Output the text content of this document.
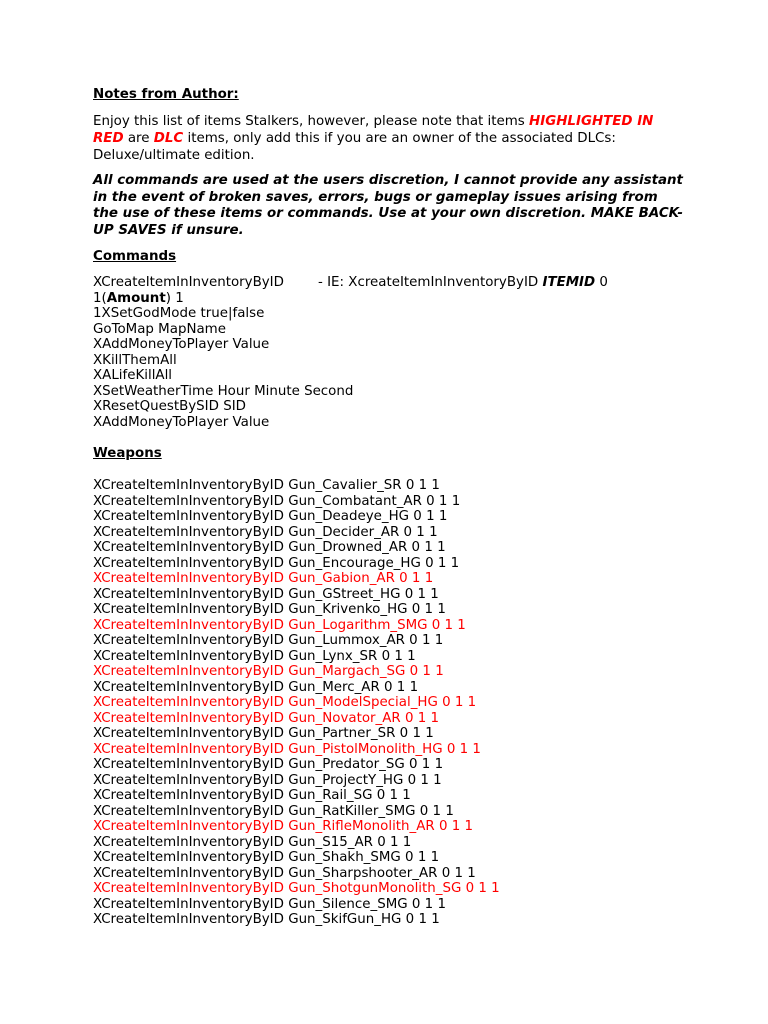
Notes from Author:

Enjoy this list of items Stalkers, however, please note that items HIGHLIGHTED IN RED are DLC items, only add this if you are an owner of the associated DLCs: Deluxe/ultimate edition.

All commands are used at the users discretion, I cannot provide any assistant in the event of broken saves, errors, bugs or gameplay issues arising from the use of these items or commands. Use at your own discretion. MAKE BACK-UP SAVES if unsure.

Commands

XCreateItemInInventoryByID	- IE: XcreateItemInInventoryByID ITEMID 0

1(Amount) 1

1XSetGodMode true|false

GoToMap MapName

XAddMoneyToPlayer Value

XKillThemAll

XALifeKillAll

XSetWeatherTime Hour Minute Second

XResetQuestBySID SID

XAddMoneyToPlayer Value

Weapons

XCreateItemInInventoryByID Gun_Cavalier_SR 0 1 1

XCreateItemInInventoryByID Gun_Combatant_AR 0 1 1

XCreateItemInInventoryByID Gun_Deadeye_HG 0 1 1

XCreateItemInInventoryByID Gun_Decider_AR 0 1 1

XCreateItemInInventoryByID Gun_Drowned_AR 0 1 1

XCreateItemInInventoryByID Gun_Encourage_HG 0 1 1

XCreateItemInInventoryByID Gun_Gabion_AR 0 1 1

XCreateItemInInventoryByID Gun_GStreet_HG 0 1 1

XCreateItemInInventoryByID Gun_Krivenko_HG 0 1 1

XCreateItemInInventoryByID Gun_Logarithm_SMG 0 1 1

XCreateItemInInventoryByID Gun_Lummox_AR 0 1 1

XCreateItemInInventoryByID Gun_Lynx_SR 0 1 1

XCreateItemInInventoryByID Gun_Margach_SG 0 1 1

XCreateItemInInventoryByID Gun_Merc_AR 0 1 1

XCreateItemInInventoryByID Gun_ModelSpecial_HG 0 1 1

XCreateItemInInventoryByID Gun_Novator_AR 0 1 1

XCreateItemInInventoryByID Gun_Partner_SR 0 1 1

XCreateItemInInventoryByID Gun_PistolMonolith_HG 0 1 1

XCreateItemInInventoryByID Gun_Predator_SG 0 1 1

XCreateItemInInventoryByID Gun_ProjectY_HG 0 1 1

XCreateItemInInventoryByID Gun_Rail_SG 0 1 1

XCreateItemInInventoryByID Gun_RatKiller_SMG 0 1 1

XCreateItemInInventoryByID Gun_RifleMonolith_AR 0 1 1

XCreateItemInInventoryByID Gun_S15_AR 0 1 1

XCreateItemInInventoryByID Gun_Shakh_SMG 0 1 1

XCreateItemInInventoryByID Gun_Sharpshooter_AR 0 1 1

XCreateItemInInventoryByID Gun_ShotgunMonolith_SG 0 1 1

XCreateItemInInventoryByID Gun_Silence_SMG 0 1 1

XCreateItemInInventoryByID Gun_SkifGun_HG 0 1 1
